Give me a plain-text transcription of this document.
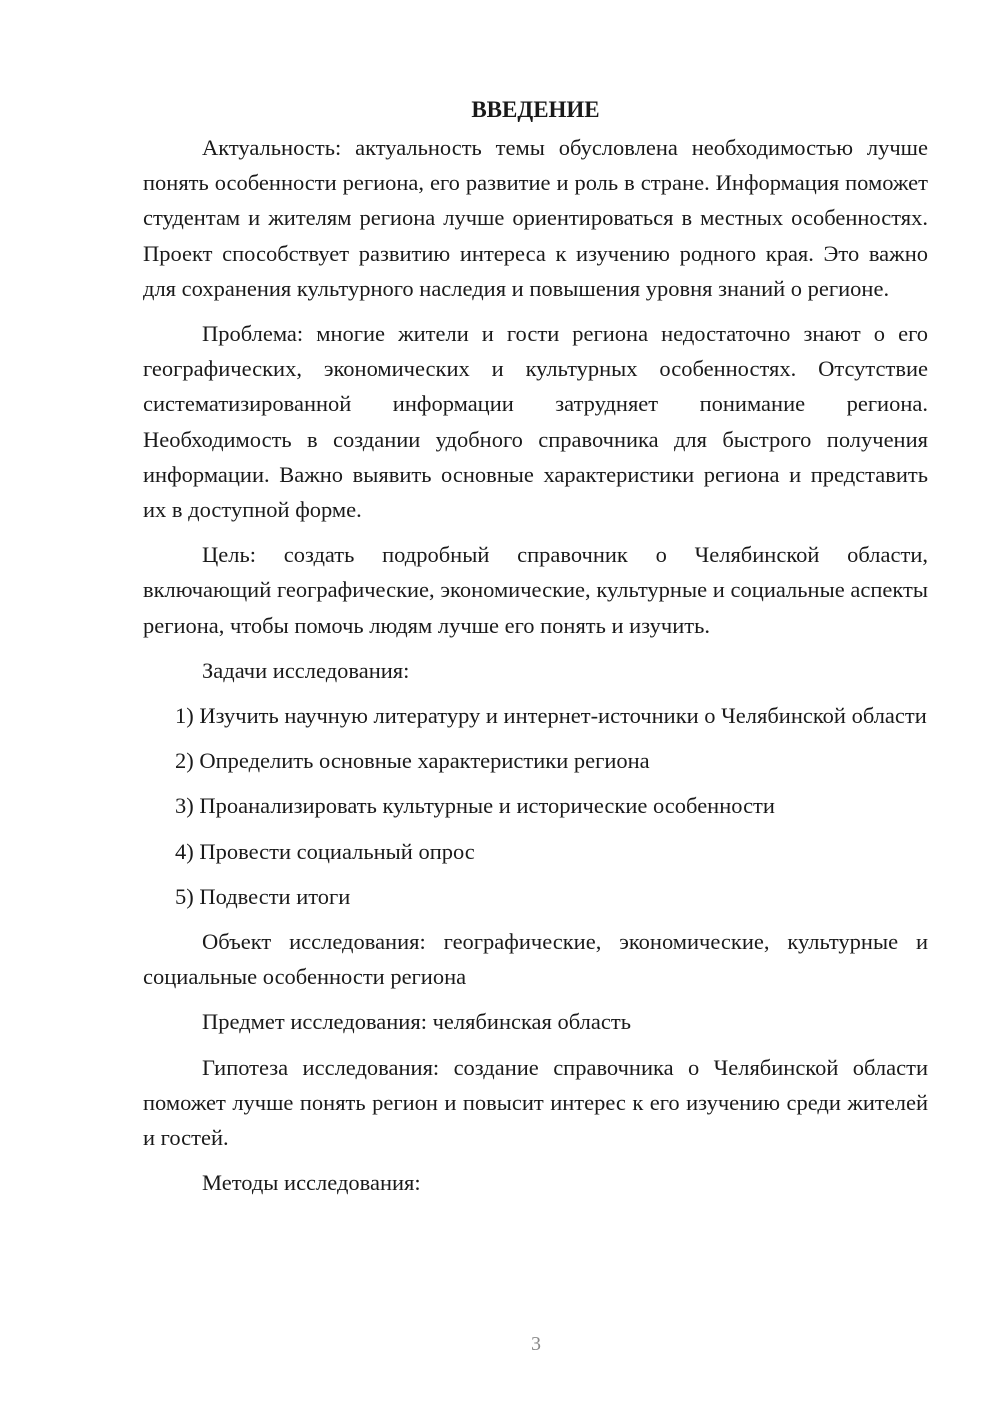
ВВЕДЕНИЕ

Актуальность: актуальность темы обусловлена необходимостью лучше понять особенности региона, его развитие и роль в стране. Информация поможет студентам и жителям региона лучше ориентироваться в местных особенностях. Проект способствует развитию интереса к изучению родного края. Это важно для сохранения культурного наследия и повышения уровня знаний о регионе.

Проблема: многие жители и гости региона недостаточно знают о его географических, экономических и культурных особенностях. Отсутствие систематизированной информации затрудняет понимание региона. Необходимость в создании удобного справочника для быстрого получения информации. Важно выявить основные характеристики региона и представить их в доступной форме.

Цель: создать подробный справочник о Челябинской области, включающий географические, экономические, культурные и социальные аспекты региона, чтобы помочь людям лучше его понять и изучить.

Задачи исследования:

1) Изучить научную литературу и интернет-источники о Челябинской области

2) Определить основные характеристики региона

3) Проанализировать культурные и исторические особенности

4) Провести социальный опрос

5) Подвести итоги

Объект исследования: географические, экономические, культурные и социальные особенности региона

Предмет исследования: челябинская область

Гипотеза исследования: создание справочника о Челябинской области поможет лучше понять регион и повысит интерес к его изучению среди жителей и гостей.

Методы исследования:

3
